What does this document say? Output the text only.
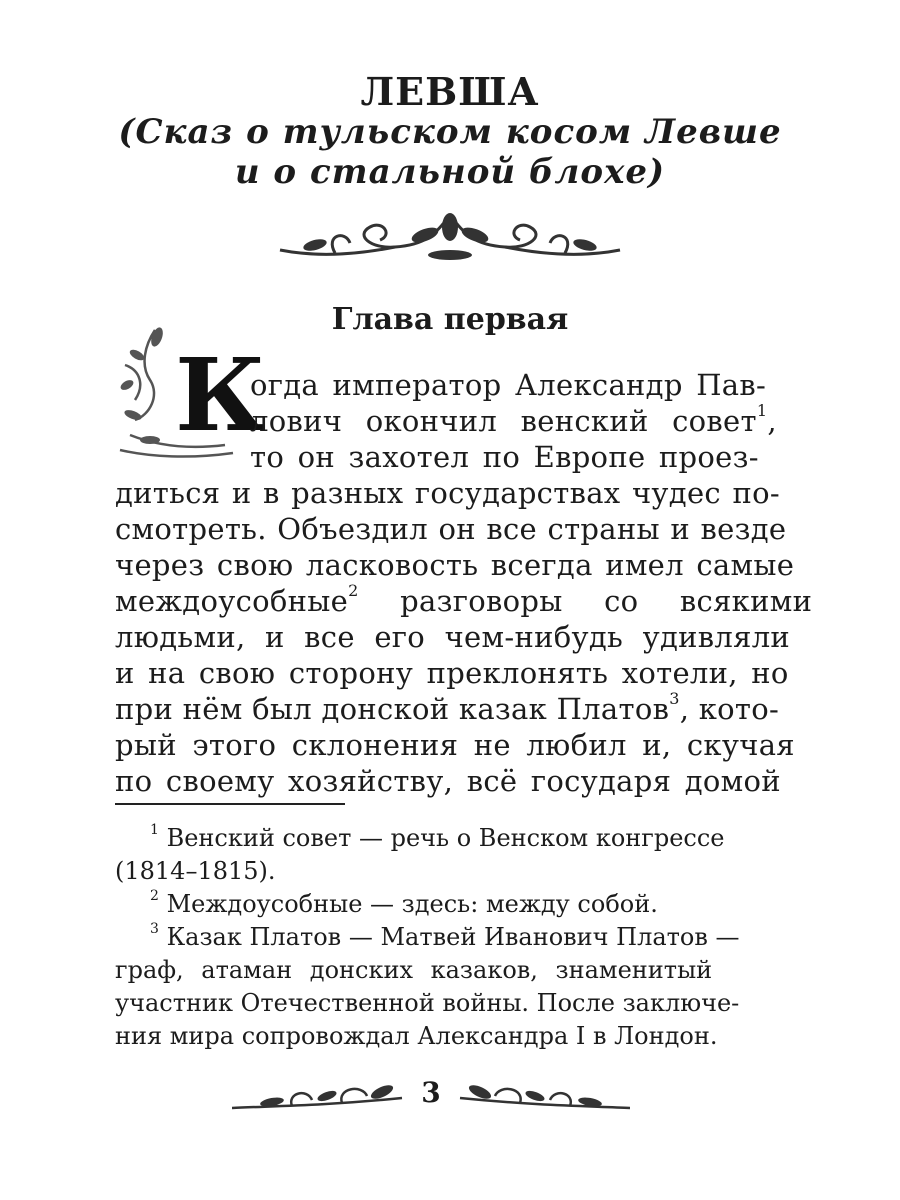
ЛЕВША
(Сказ о тульском косом Левше
и о стальной блохе)
Глава первая
К
огда император Александр Пав-
лович окончил венский совет$^1$,
то он захотел по Европе проез-
диться и в разных государствах чудес по-
смотреть. Объездил он все страны и везде
через свою ласковость всегда имел самые
междоусобные$^2$ разговоры со всякими
людьми, и все его чем-нибудь удивляли
и на свою сторону преклонять хотели, но
при нём был донской казак Платов$^3$, кото-
рый этого склонения не любил и, скучая
по своему хозяйству, всё государя домой
$^1$ Венский совет — речь о Венском конгрессе
(1814–1815).
$^2$ Междоусобные — здесь: между собой.
$^3$ Казак Платов — Матвей Иванович Платов —
граф, атаман донских казаков, знаменитый
участник Отечественной войны. После заключе-
ния мира сопровождал Александра I в Лондон.
3
